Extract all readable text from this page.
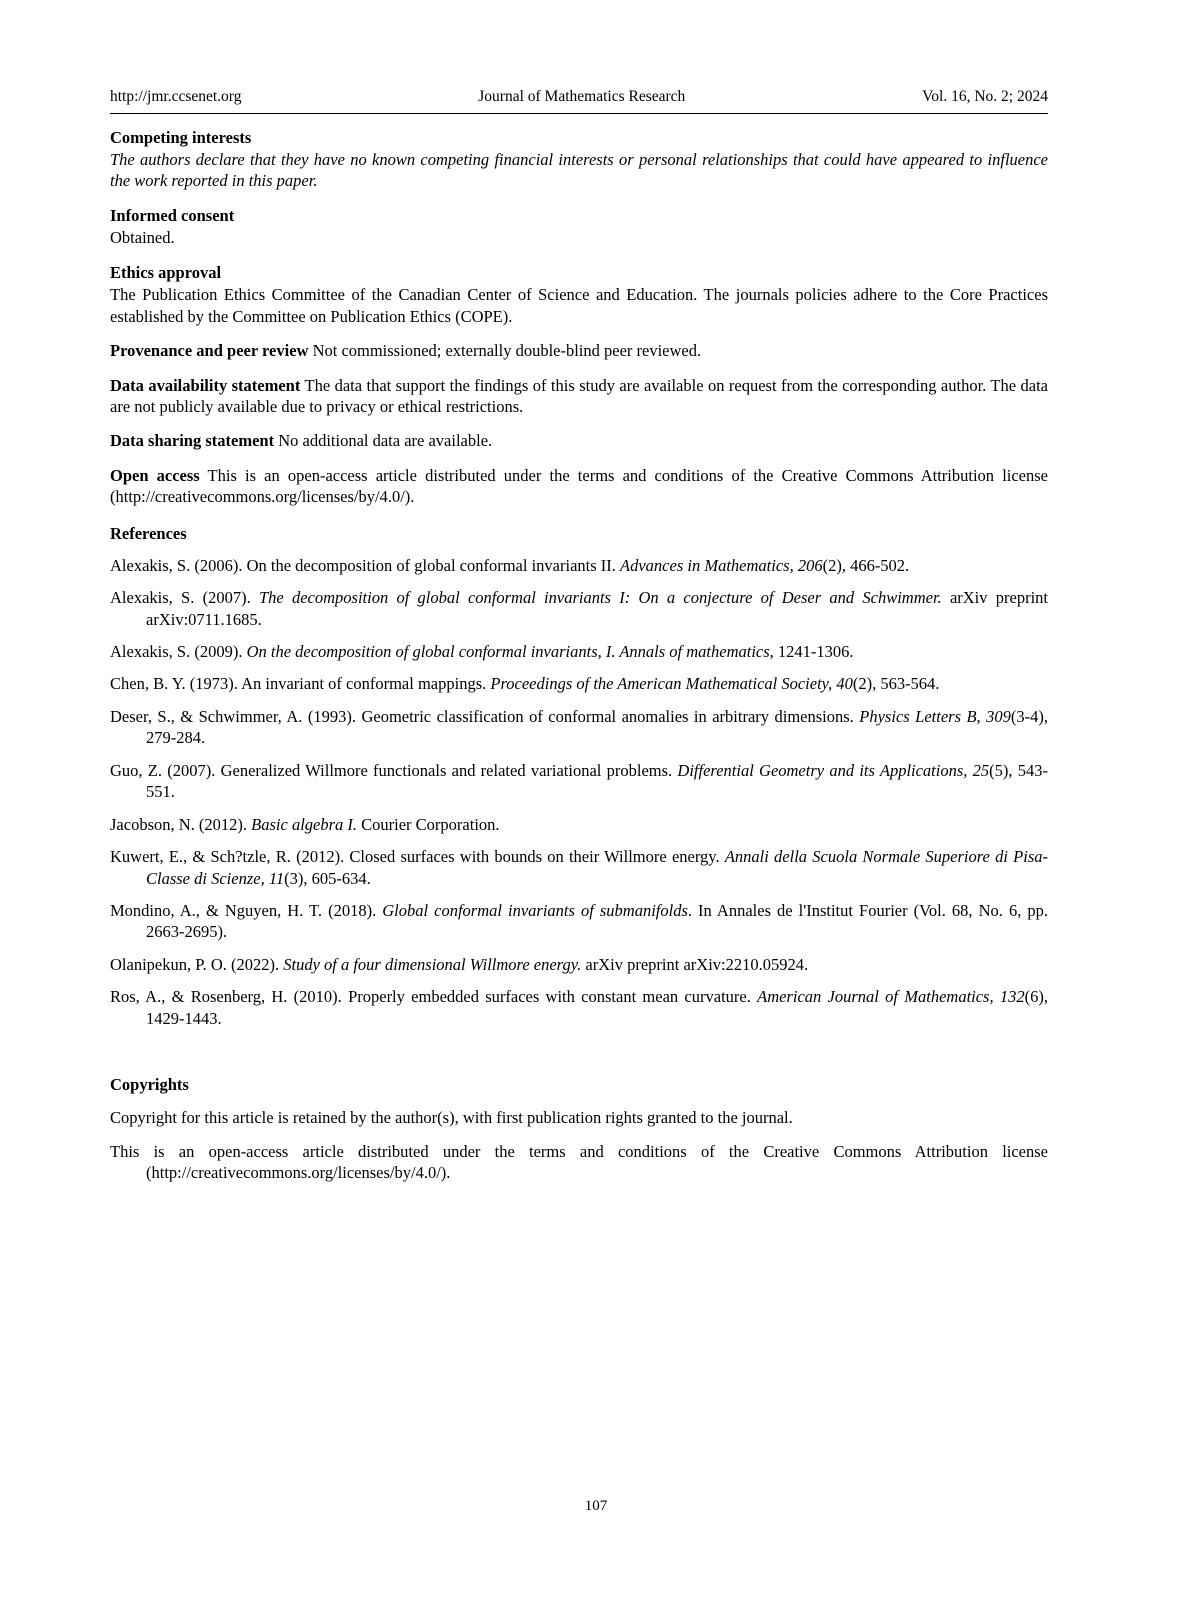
http://jmr.ccsenet.org	Journal of Mathematics Research	Vol. 16, No. 2; 2024
Competing interests
The authors declare that they have no known competing financial interests or personal relationships that could have appeared to influence the work reported in this paper.
Informed consent
Obtained.
Ethics approval
The Publication Ethics Committee of the Canadian Center of Science and Education. The journals policies adhere to the Core Practices established by the Committee on Publication Ethics (COPE).
Provenance and peer review Not commissioned; externally double-blind peer reviewed.
Data availability statement The data that support the findings of this study are available on request from the corresponding author. The data are not publicly available due to privacy or ethical restrictions.
Data sharing statement No additional data are available.
Open access This is an open-access article distributed under the terms and conditions of the Creative Commons Attribution license (http://creativecommons.org/licenses/by/4.0/).
References
Alexakis, S. (2006). On the decomposition of global conformal invariants II. Advances in Mathematics, 206(2), 466-502.
Alexakis, S. (2007). The decomposition of global conformal invariants I: On a conjecture of Deser and Schwimmer. arXiv preprint arXiv:0711.1685.
Alexakis, S. (2009). On the decomposition of global conformal invariants, I. Annals of mathematics, 1241-1306.
Chen, B. Y. (1973). An invariant of conformal mappings. Proceedings of the American Mathematical Society, 40(2), 563-564.
Deser, S., & Schwimmer, A. (1993). Geometric classification of conformal anomalies in arbitrary dimensions. Physics Letters B, 309(3-4), 279-284.
Guo, Z. (2007). Generalized Willmore functionals and related variational problems. Differential Geometry and its Applications, 25(5), 543-551.
Jacobson, N. (2012). Basic algebra I. Courier Corporation.
Kuwert, E., & Sch?tzle, R. (2012). Closed surfaces with bounds on their Willmore energy. Annali della Scuola Normale Superiore di Pisa-Classe di Scienze, 11(3), 605-634.
Mondino, A., & Nguyen, H. T. (2018). Global conformal invariants of submanifolds. In Annales de l'Institut Fourier (Vol. 68, No. 6, pp. 2663-2695).
Olanipekun, P. O. (2022). Study of a four dimensional Willmore energy. arXiv preprint arXiv:2210.05924.
Ros, A., & Rosenberg, H. (2010). Properly embedded surfaces with constant mean curvature. American Journal of Mathematics, 132(6), 1429-1443.
Copyrights
Copyright for this article is retained by the author(s), with first publication rights granted to the journal.
This is an open-access article distributed under the terms and conditions of the Creative Commons Attribution license (http://creativecommons.org/licenses/by/4.0/).
107
